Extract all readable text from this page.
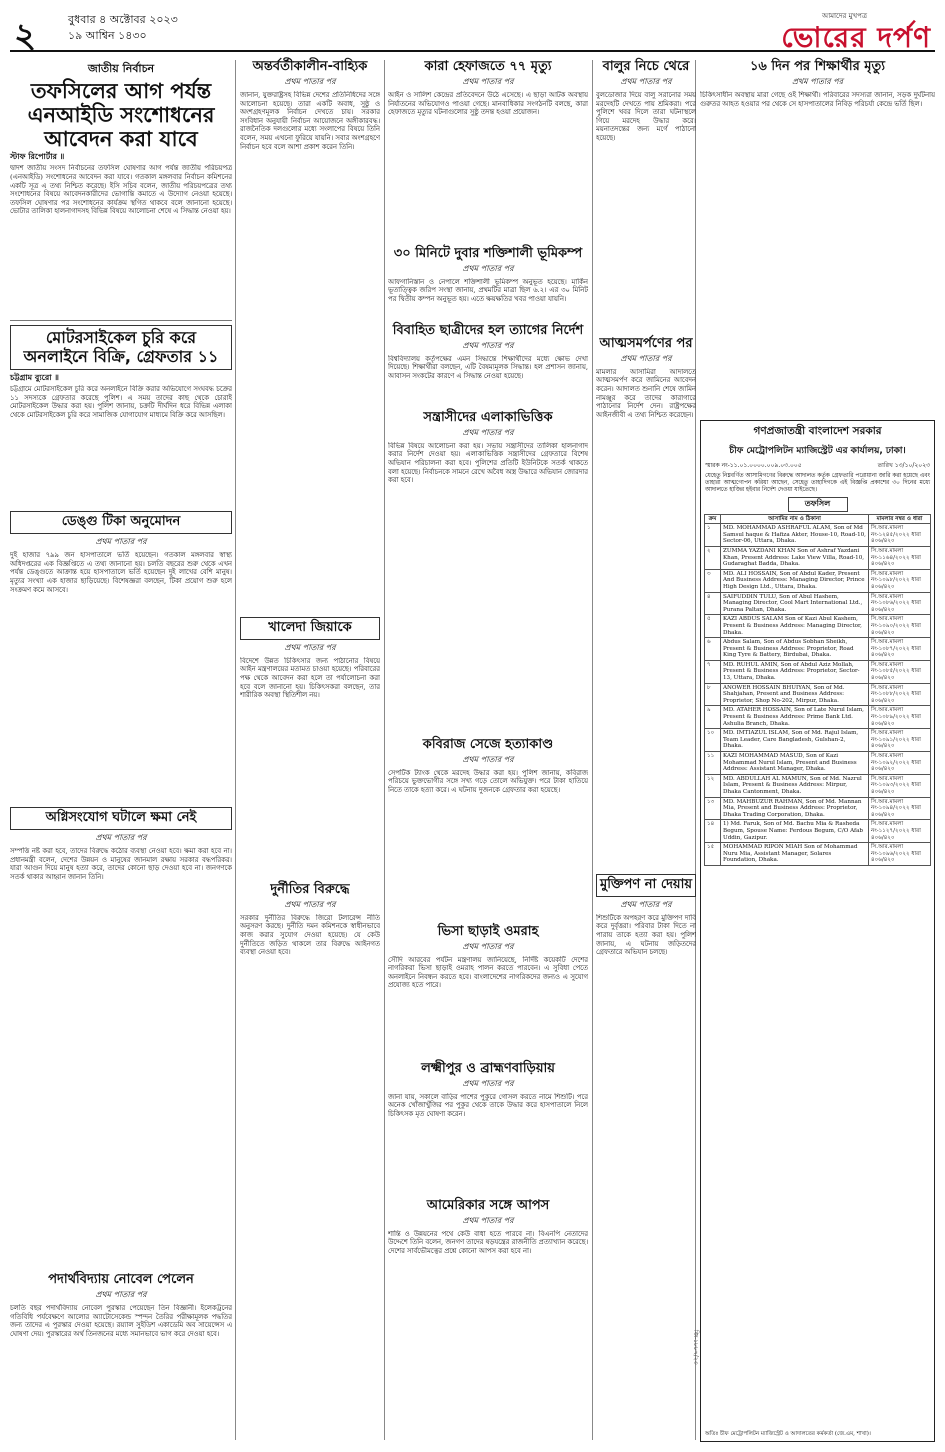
২	বুধবার ৪ অক্টোবর ২০২৩
১৯ আশ্বিন ১৪৩০
আমাদের মুখপত্র
ভোরের দর্পণ
জাতীয় নির্বাচন
তফসিলের আগ পর্যন্ত এনআইডি সংশোধনের আবেদন করা যাবে
স্টাফ রিপোর্টার ॥
দ্বাদশ জাতীয় সংসদ নির্বাচনের তফসিল ঘোষণার আগ পর্যন্ত জাতীয় পরিচয়পত্র (এনআইডি) সংশোধনের আবেদন করা যাবে। গতকাল মঙ্গলবার নির্বাচন কমিশনের একটি সূত্র এ তথ্য নিশ্চিত করেছে। ইসি সচিব বলেন, জাতীয় পরিচয়পত্রের তথ্য সংশোধনের বিষয়ে আবেদনকারীদের ভোগান্তি কমাতে এ উদ্যোগ নেওয়া হয়েছে। তফসিল ঘোষণার পর সংশোধনের কার্যক্রম স্থগিত থাকবে বলে জানানো হয়েছে। ভোটার তালিকা হালনাগাদসহ বিভিন্ন বিষয়ে আলোচনা শেষে এ সিদ্ধান্ত নেওয়া হয়।
মোটরসাইকেল চুরি করে অনলাইনে বিক্রি, গ্রেফতার ১১
চট্টগ্রাম ব্যুরো ॥
চট্টগ্রামে মোটরসাইকেল চুরি করে অনলাইনে বিক্রি করার অভিযোগে সংঘবদ্ধ চক্রের ১১ সদস্যকে গ্রেফতার করেছে পুলিশ। এ সময় তাদের কাছ থেকে চোরাই মোটরসাইকেল উদ্ধার করা হয়। পুলিশ জানায়, চক্রটি দীর্ঘদিন ধরে বিভিন্ন এলাকা থেকে মোটরসাইকেল চুরি করে সামাজিক যোগাযোগ মাধ্যমে বিক্রি করে আসছিল।
ডেঙ্গু টিকা অনুমোদন
প্রথম পাতার পর
দুই হাজার ৭৯৯ জন হাসপাতালে ভর্তি হয়েছেন। গতকাল মঙ্গলবার স্বাস্থ্য অধিদপ্তরের এক বিজ্ঞপ্তিতে এ তথ্য জানানো হয়। চলতি বছরের শুরু থেকে এখন পর্যন্ত ডেঙ্গুতে আক্রান্ত হয়ে হাসপাতালে ভর্তি হয়েছেন দুই লাখের বেশি মানুষ। মৃত্যুর সংখ্যা এক হাজার ছাড়িয়েছে। বিশেষজ্ঞরা বলছেন, টিকা প্রয়োগ শুরু হলে সংক্রমণ কমে আসবে।
অগ্নিসংযোগ ঘটালে ক্ষমা নেই
প্রথম পাতার পর
সম্পত্তি নষ্ট করা হবে, তাদের বিরুদ্ধে কঠোর ব্যবস্থা নেওয়া হবে। ক্ষমা করা হবে না। প্রধানমন্ত্রী বলেন, দেশের উন্নয়ন ও মানুষের জানমাল রক্ষায় সরকার বদ্ধপরিকর। যারা আগুন দিয়ে মানুষ হত্যা করে, তাদের কোনো ছাড় দেওয়া হবে না। জনগণকে সতর্ক থাকার আহ্বান জানান তিনি।
পদার্থবিদ্যায় নোবেল পেলেন
প্রথম পাতার পর
চলতি বছর পদার্থবিদ্যায় নোবেল পুরস্কার পেয়েছেন তিন বিজ্ঞানী। ইলেকট্রনের গতিবিধি পর্যবেক্ষণে আলোর অ্যাটোসেকেন্ড স্পন্দন তৈরির পরীক্ষামূলক পদ্ধতির জন্য তাদের এ পুরস্কার দেওয়া হয়েছে। রয়্যাল সুইডিশ একাডেমি অব সায়েন্সেস এ ঘোষণা দেয়। পুরস্কারের অর্থ তিনজনের মধ্যে সমানভাবে ভাগ করে দেওয়া হবে।
অন্তর্বর্তীকালীন-বাহ্যিক
প্রথম পাতার পর
জানান, যুক্তরাষ্ট্রসহ বিভিন্ন দেশের প্রতিনিধিদের সঙ্গে আলোচনা হয়েছে। তারা একটি অবাধ, সুষ্ঠু ও অংশগ্রহণমূলক নির্বাচন দেখতে চায়। সরকার সংবিধান অনুযায়ী নির্বাচন আয়োজনে অঙ্গীকারবদ্ধ। রাজনৈতিক দলগুলোর মধ্যে সংলাপের বিষয়ে তিনি বলেন, সময় এখনো ফুরিয়ে যায়নি। সবার অংশগ্রহণে নির্বাচন হবে বলে আশা প্রকাশ করেন তিনি।
খালেদা জিয়াকে
প্রথম পাতার পর
বিদেশে উন্নত চিকিৎসার জন্য পাঠানোর বিষয়ে আইন মন্ত্রণালয়ের মতামত চাওয়া হয়েছে। পরিবারের পক্ষ থেকে আবেদন করা হলে তা পর্যালোচনা করা হবে বলে জানানো হয়। চিকিৎসকরা বলছেন, তার শারীরিক অবস্থা স্থিতিশীল নয়।
দুর্নীতির বিরুদ্ধে
প্রথম পাতার পর
সরকার দুর্নীতির বিরুদ্ধে জিরো টলারেন্স নীতি অনুসরণ করছে। দুর্নীতি দমন কমিশনকে স্বাধীনভাবে কাজ করার সুযোগ দেওয়া হয়েছে। যে কেউ দুর্নীতিতে জড়িত থাকলে তার বিরুদ্ধে আইনগত ব্যবস্থা নেওয়া হবে।
কারা হেফাজতে ৭৭ মৃত্যু
প্রথম পাতার পর
আইন ও সালিশ কেন্দ্রের প্রতিবেদনে উঠে এসেছে। এ ছাড়া আটক অবস্থায় নির্যাতনের অভিযোগও পাওয়া গেছে। মানবাধিকার সংগঠনটি বলছে, কারা হেফাজতে মৃত্যুর ঘটনাগুলোর সুষ্ঠু তদন্ত হওয়া প্রয়োজন।
৩০ মিনিটে দুবার শক্তিশালী ভূমিকম্প
প্রথম পাতার পর
আফগানিস্তান ও নেপালে শক্তিশালী ভূমিকম্প অনুভূত হয়েছে। মার্কিন ভূতাত্ত্বিক জরিপ সংস্থা জানায়, প্রথমটির মাত্রা ছিল ৬.২। এর ৩০ মিনিট পর দ্বিতীয় কম্পন অনুভূত হয়। এতে ক্ষয়ক্ষতির খবর পাওয়া যায়নি।
বিবাহিত ছাত্রীদের হল ত্যাগের নির্দেশ
প্রথম পাতার পর
বিশ্ববিদ্যালয় কর্তৃপক্ষের এমন সিদ্ধান্তে শিক্ষার্থীদের মধ্যে ক্ষোভ দেখা দিয়েছে। শিক্ষার্থীরা বলছেন, এটি বৈষম্যমূলক সিদ্ধান্ত। হল প্রশাসন জানায়, আবাসন সংকটের কারণে এ সিদ্ধান্ত নেওয়া হয়েছে।
সন্ত্রাসীদের এলাকাভিত্তিক
প্রথম পাতার পর
বিভিন্ন বিষয়ে আলোচনা করা হয়। সভায় সন্ত্রাসীদের তালিকা হালনাগাদ করার নির্দেশ দেওয়া হয়। এলাকাভিত্তিক সন্ত্রাসীদের গ্রেফতারে বিশেষ অভিযান পরিচালনা করা হবে। পুলিশের প্রতিটি ইউনিটকে সতর্ক থাকতে বলা হয়েছে। নির্বাচনকে সামনে রেখে অবৈধ অস্ত্র উদ্ধারে অভিযান জোরদার করা হবে।
কবিরাজ সেজে হত্যাকাণ্ড
প্রথম পাতার পর
সেপটিক ট্যাংক থেকে মরদেহ উদ্ধার করা হয়। পুলিশ জানায়, কবিরাজ পরিচয়ে ভুক্তভোগীর সঙ্গে সখ্য গড়ে তোলে অভিযুক্ত। পরে টাকা হাতিয়ে নিতে তাকে হত্যা করে। এ ঘটনায় দুজনকে গ্রেফতার করা হয়েছে।
ভিসা ছাড়াই ওমরাহ
প্রথম পাতার পর
সৌদি আরবের পর্যটন মন্ত্রণালয় জানিয়েছে, নির্দিষ্ট কয়েকটি দেশের নাগরিকরা ভিসা ছাড়াই ওমরাহ পালন করতে পারবেন। এ সুবিধা পেতে অনলাইনে নিবন্ধন করতে হবে। বাংলাদেশের নাগরিকদের জন্যও এ সুযোগ প্রযোজ্য হতে পারে।
লক্ষ্মীপুর ও ব্রাহ্মণবাড়িয়ায়
প্রথম পাতার পর
জানা যায়, সকালে বাড়ির পাশের পুকুরে গোসল করতে নামে শিশুটি। পরে অনেক খোঁজাখুঁজির পর পুকুর থেকে তাকে উদ্ধার করে হাসপাতালে নিলে চিকিৎসক মৃত ঘোষণা করেন।
আমেরিকার সঙ্গে আপস
প্রথম পাতার পর
শান্তি ও উন্নয়নের পথে কেউ বাধা হতে পারবে না। বিএনপি নেতাদের উদ্দেশে তিনি বলেন, জনগণ তাদের ষড়যন্ত্রের রাজনীতি প্রত্যাখ্যান করেছে। দেশের সার্বভৌমত্বের প্রশ্নে কোনো আপস করা হবে না।
বালুর নিচে থেরে
প্রথম পাতার পর
বুলডোজার দিয়ে বালু সরানোর সময় মরদেহটি দেখতে পায় শ্রমিকরা। পরে পুলিশে খবর দিলে তারা ঘটনাস্থলে গিয়ে মরদেহ উদ্ধার করে। ময়নাতদন্তের জন্য মর্গে পাঠানো হয়েছে।
আত্মসমর্পণের পর
প্রথম পাতার পর
মামলার আসামিরা আদালতে আত্মসমর্পণ করে জামিনের আবেদন করেন। আদালত শুনানি শেষে জামিন নামঞ্জুর করে তাদের কারাগারে পাঠানোর নির্দেশ দেন। রাষ্ট্রপক্ষের আইনজীবী এ তথ্য নিশ্চিত করেছেন।
মুক্তিপণ না দেয়ায়
প্রথম পাতার পর
শিশুটিকে অপহরণ করে মুক্তিপণ দাবি করে দুর্বৃত্তরা। পরিবার টাকা দিতে না পারায় তাকে হত্যা করা হয়। পুলিশ জানায়, এ ঘটনায় জড়িতদের গ্রেফতারে অভিযান চলছে।
১৬ দিন পর শিক্ষার্থীর মৃত্যু
প্রথম পাতার পর
চিকিৎসাধীন অবস্থায় মারা গেছে ওই শিক্ষার্থী। পরিবারের সদস্যরা জানান, সড়ক দুর্ঘটনায় গুরুতর আহত হওয়ার পর থেকে সে হাসপাতালের নিবিড় পরিচর্যা কেন্দ্রে ভর্তি ছিল।
গণপ্রজাতন্ত্রী বাংলাদেশ সরকার
চীফ মেট্রোপলিটন ম্যাজিস্ট্রেট এর কার্যালয়, ঢাকা।
স্মারক নং-১১.০১.০০০০.০০৯.০৩.০০৫	তারিখ ১৩/১০/২০২৩
যেহেতু নিম্নবর্ণিত আসামিগণের বিরুদ্ধে আদালত কর্তৃক গ্রেফতারি পরোয়ানা জারি করা হয়েছে এবং তাহারা আত্মগোপন করিয়া আছেন, সেহেতু তাহাদিগকে এই বিজ্ঞপ্তি প্রকাশের ৩০ দিনের মধ্যে আদালতে হাজির হইবার নির্দেশ দেওয়া যাইতেছে।
তফসিল
ক্রম	আসামির নাম ও ঠিকানা	মামলার নম্বর ও ধারা
১	MD. MOHAMMAD ASHRAFUL ALAM, Son of Md Samsul haque & Hafiza Akter, House-10, Road-10, Sector-06, Uttara, Dhaka.	সি.আর.মামলা নং-১২৪৫/২০২২ ধারা ৪০৬/৪২০
২	ZUMMA YAZDANI KHAN Son of Ashraf Yazdani Khan, Present Address: Lake View Villa, Road-10, Gudaraghat Badda, Dhaka.	সি.আর.মামলা নং-১১৬৪/২০২২ ধারা ৪০৬/৪২০
৩	MD. ALI HOSSAIN, Son of Abdul Kader, Present And Business Address: Managing Director, Prince High Design Ltd., Uttara, Dhaka.	সি.আর.মামলা নং-১০৯৮/২০২২ ধারা ৪০৬/৪২০
৪	SAIFUDDIN TULU, Son of Abul Hashem, Managing Director, Cool Mart International Ltd., Purana Paltan, Dhaka.	সি.আর.মামলা নং-১০৮৬/২০২২ ধারা ৪০৬/৪২০
৫	KAZI ABDUS SALAM Son of Kazi Abul Kashem, Present & Business Address: Managing Director, Dhaka.	সি.আর.মামলা নং-১০৯০/২০২২ ধারা ৪০৬/৪২০
৬	Abdus Salam, Son of Abdus Sobhan Sheikh, Present & Business Address: Proprietor, Road King Tyre & Battery, Birdubai, Dhaka.	সি.আর.মামলা নং-১০৮৭/২০২২ ধারা ৪০৬/৪২০
৭	MD. RUHUL AMIN, Son of Abdul Aziz Mollah, Present & Business Address: Proprietor, Sector-13, Uttara, Dhaka.	সি.আর.মামলা নং-১০৮৫/২০২২ ধারা ৪০৬/৪২০
৮	ANOWER HOSSAIN BHUIYAN, Son of Md. Shahjahan, Present and Business Address: Proprietor, Shop No-202, Mirpur, Dhaka.	সি.আর.মামলা নং-১০৮৮/২০২২ ধারা ৪০৬/৪২০
৯	MD. ATAHER HOSSAIN, Son of Late Nurul Islam, Present & Business Address: Prime Bank Ltd. Ashulia Branch, Dhaka.	সি.আর.মামলা নং-১০৮৯/২০২২ ধারা ৪০৬/৪২০
১০	MD. IMTIAZUL ISLAM, Son of Md. Rajul Islam, Team Leader, Care Bangladesh, Gulshan-2, Dhaka.	সি.আর.মামলা নং-১০৯১/২০২২ ধারা ৪০৬/৪২০
১১	KAZI MOHAMMAD MASUD, Son of Kazi Mohammad Nurul Islam, Present and Business Address: Assistant Manager, Dhaka.	সি.আর.মামলা নং-১০৯২/২০২২ ধারা ৪০৬/৪২০
১২	MD. ABDULLAH AL MAMUN, Son of Md. Nazrul Islam, Present & Business Address: Mirpur, Dhaka Cantonment, Dhaka.	সি.আর.মামলা নং-১০৯৩/২০২২ ধারা ৪০৬/৪২০
১৩	MD. MAHBUZUR RAHMAN, Son of Md. Mannan Mia, Present and Business Address: Proprietor, Dhaka Trading Corporation, Dhaka.	সি.আর.মামলা নং-১০৯৪/২০২২ ধারা ৪০৬/৪২০
১৪	1) Md. Faruk, Son of Md. Bachu Mia & Rasheda Begum, Spouse Name: Ferdous Begum, C/O Afab Uddin, Gazipur.	সি.আর.মামলা নং-১১২৭/২০২২ ধারা ৪০৬/৪২০
১৫	MOHAMMAD RIPON MIAH Son of Mohammad Nuru Mia, Assistant Manager, Solares Foundation, Dhaka.	সি.আর.মামলা নং-১০৯৬/২০২২ ধারা ৪০৬/৪২০
অতিঃ চীফ মেট্রোপলিটন ম্যাজিস্ট্রেট ও আদালতের কর্মকর্তা (জে.এম, শাখা)।
জি-১৮৮৭/২৩
